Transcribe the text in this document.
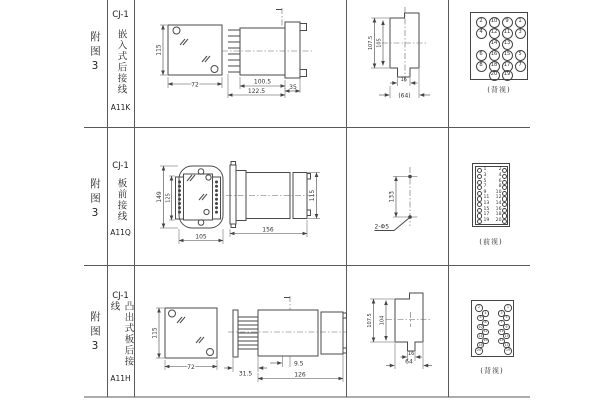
115
72	100.5
122.5
35
107.5 105
16
(64)
149 125
105
156
115	133
2-Φ5
115
72	9.5
31.5	126
107.5 104
16
64
附图3
附图3
附图3
CJ-1
嵌入式后接线
A11K
CJ-1
板前接线
A11Q
CJ-1
凸出式板后接线
A11H
2	10	9	1
4	12	11	3
14	13
6	16	15	5
8	18	17	7
20	19
(背视)
1	2
3	4
5	6
7	8
9	10
11	12
13	14
15	16
17	18
19	20
(前视)
2	1
20	19
4	3
6	5
8	7
10	9
12	11
14	13
16	15
18	17
(背视)
